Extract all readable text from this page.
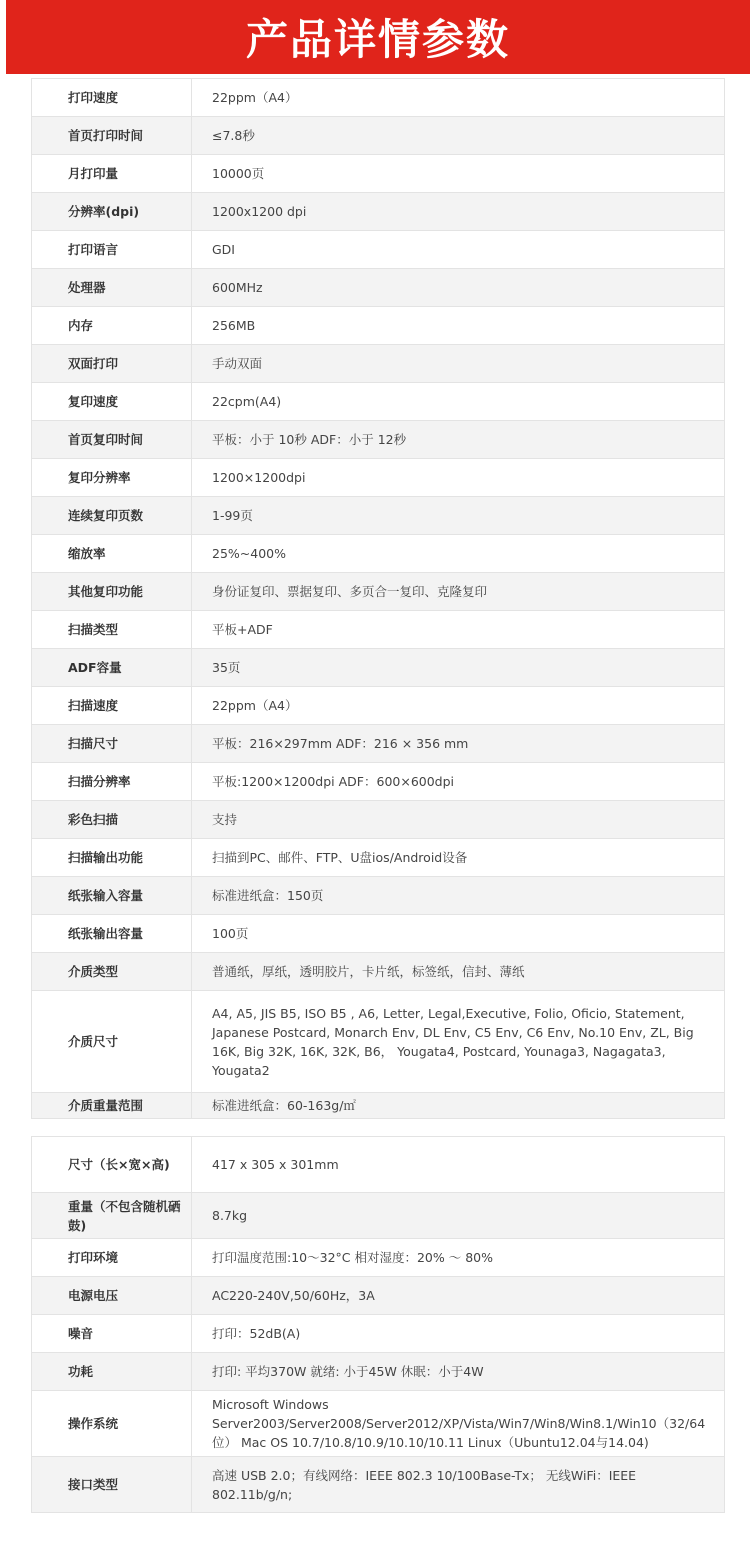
产品详情参数
打印速度	22ppm（A4）
首页打印时间	≤7.8秒
月打印量	10000页
分辨率(dpi)	1200x1200 dpi
打印语言	GDI
处理器	600MHz
内存	256MB
双面打印	手动双面
复印速度	22cpm(A4)
首页复印时间	平板：小于 10秒 ADF：小于 12秒
复印分辨率	1200×1200dpi
连续复印页数	1-99页
缩放率	25%~400%
其他复印功能	身份证复印、票据复印、多页合一复印、克隆复印
扫描类型	平板+ADF
ADF容量	35页
扫描速度	22ppm（A4）
扫描尺寸	平板：216×297mm ADF：216 × 356 mm
扫描分辨率	平板:1200×1200dpi ADF：600×600dpi
彩色扫描	支持
扫描输出功能	扫描到PC、邮件、FTP、U盘ios/Android设备
纸张输入容量	标准进纸盒：150页
纸张输出容量	100页
介质类型	普通纸，厚纸，透明胶片，卡片纸，标签纸，信封、薄纸
介质尺寸	A4, A5, JIS B5, ISO B5 , A6, Letter, Legal,Executive, Folio, Oficio, Statement, Japanese Postcard, Monarch Env, DL Env, C5 Env, C6 Env, No.10 Env, ZL, Big 16K, Big 32K, 16K, 32K, B6， Yougata4, Postcard, Younaga3, Nagagata3, Yougata2
介质重量范围	标准进纸盒：60-163g/㎡
尺寸（长×宽×高)	417 x 305 x 301mm
重量（不包含随机硒鼓)	8.7kg
打印环境	打印温度范围:10～32°C 相对湿度：20% ～ 80%
电源电压	AC220-240V,50/60Hz，3A
噪音	打印：52dB(A)
功耗	打印: 平均370W 就绪: 小于45W 休眠：小于4W
操作系统	Microsoft Windows Server2003/Server2008/Server2012/XP/Vista/Win7/Win8/Win8.1/Win10（32/64位） Mac OS 10.7/10.8/10.9/10.10/10.11 Linux（Ubuntu12.04与14.04)
接口类型	高速 USB 2.0；有线网络：IEEE 802.3 10/100Base-Tx； 无线WiFi：IEEE 802.11b/g/n;
